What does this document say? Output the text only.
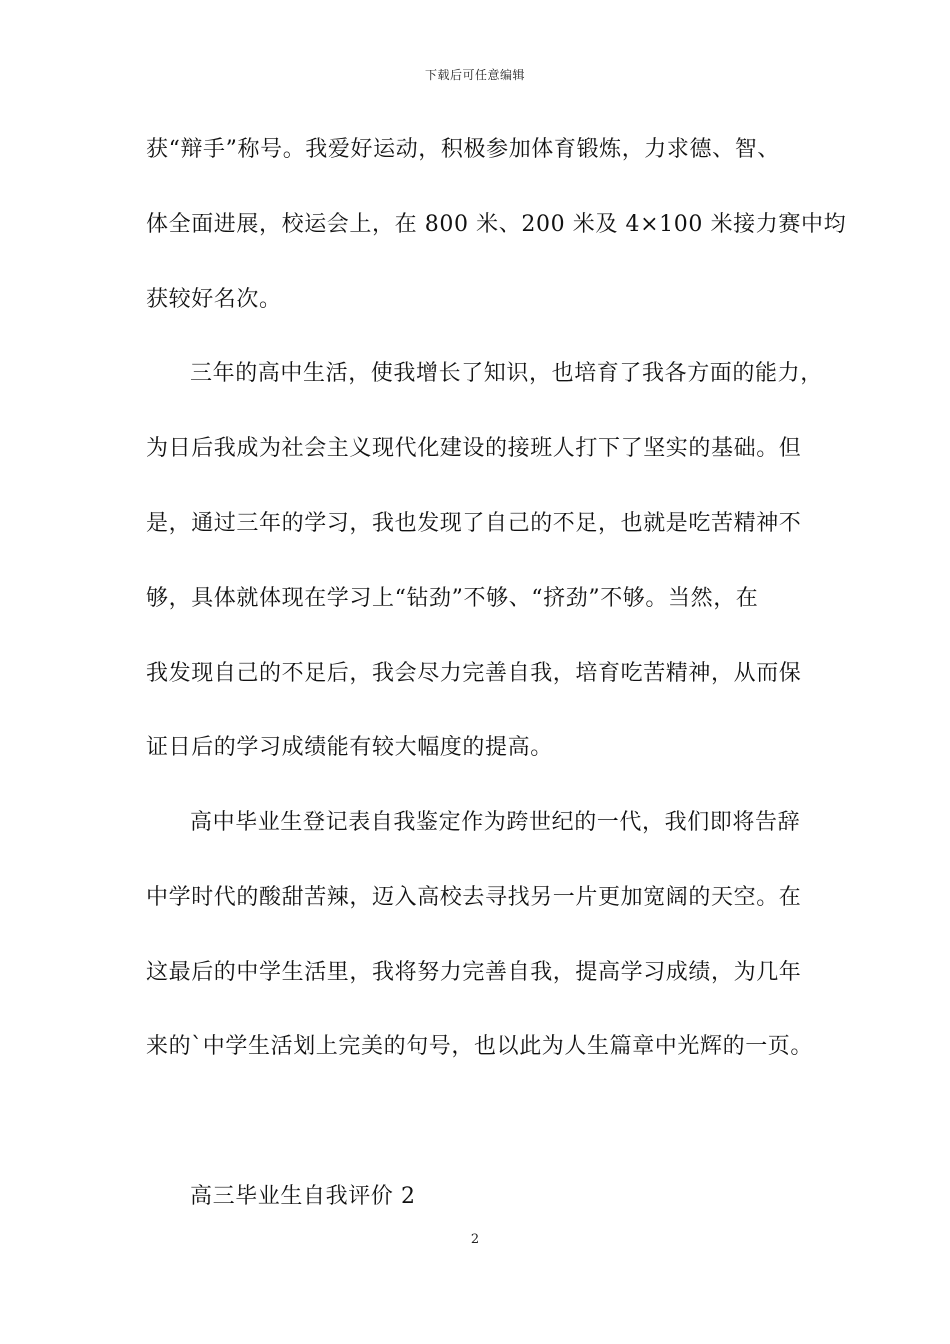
下载后可任意编辑
获“辩手”称号。我爱好运动，积极参加体育锻炼，力求德、智、
体全面进展，校运会上，在 800 米、200 米及 4×100 米接力赛中均
获较好名次。
三年的高中生活，使我增长了知识，也培育了我各方面的能力，
为日后我成为社会主义现代化建设的接班人打下了坚实的基础。但
是，通过三年的学习，我也发现了自己的不足，也就是吃苦精神不
够，具体就体现在学习上“钻劲”不够、“挤劲”不够。当然，在
我发现自己的不足后，我会尽力完善自我，培育吃苦精神，从而保
证日后的学习成绩能有较大幅度的提高。
高中毕业生登记表自我鉴定作为跨世纪的一代，我们即将告辞
中学时代的酸甜苦辣，迈入高校去寻找另一片更加宽阔的天空。在
这最后的中学生活里，我将努力完善自我，提高学习成绩，为几年
来的`中学生活划上完美的句号，也以此为人生篇章中光辉的一页。
高三毕业生自我评价 2
2
